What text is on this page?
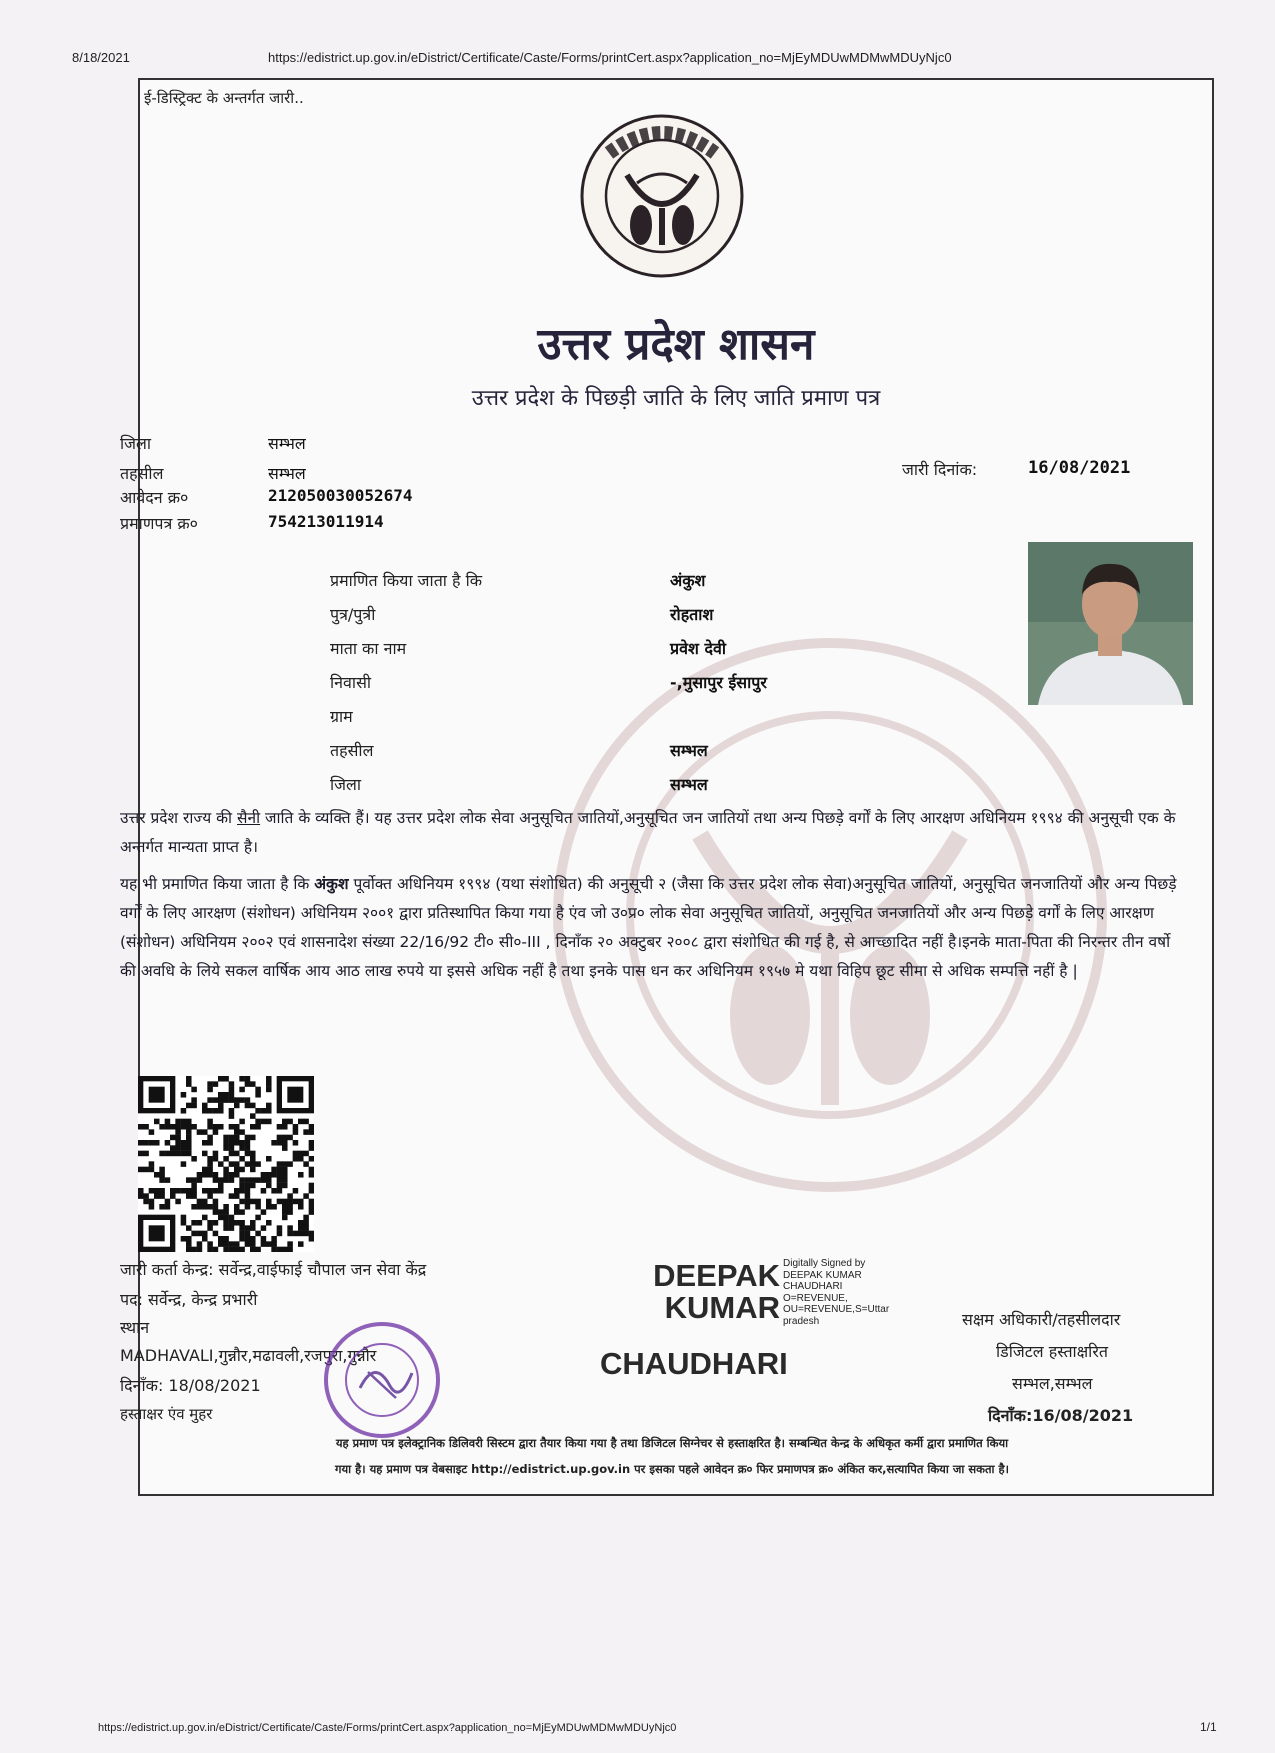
8/18/2021	https://edistrict.up.gov.in/eDistrict/Certificate/Caste/Forms/printCert.aspx?application_no=MjEyMDUwMDMwMDUyNjc0
ई-डिस्ट्रिक्ट के अन्तर्गत जारी..
उत्तर प्रदेश शासन
उत्तर प्रदेश के पिछड़ी जाति के लिए जाति प्रमाण पत्र
जिला	सम्भल
तहसील	सम्भल
आवेदन क्र०	212050030052674
प्रमाणपत्र क्र०	754213011914
जारी दिनांक:	16/08/2021
प्रमाणित किया जाता है कि	अंकुश
पुत्र/पुत्री	रोहताश
माता का नाम	प्रवेश देवी
निवासी	-,मुसापुर ईसापुर
ग्राम
तहसील	सम्भल
जिला	सम्भल
उत्तर प्रदेश राज्य की सैनी जाति के व्यक्ति हैं। यह उत्तर प्रदेश लोक सेवा अनुसूचित जातियों,अनुसूचित जन जातियों तथा अन्य पिछड़े वर्गों के लिए आरक्षण अधिनियम १९९४ की अनुसूची एक के अन्तर्गत मान्यता प्राप्त है।
यह भी प्रमाणित किया जाता है कि अंकुश पूर्वोक्त अधिनियम १९९४ (यथा संशोधित) की अनुसूची २ (जैसा कि उत्तर प्रदेश लोक सेवा)अनुसूचित जातियों, अनुसूचित जनजातियों और अन्य पिछड़े वर्गों के लिए आरक्षण (संशोधन) अधिनियम २००१ द्वारा प्रतिस्थापित किया गया है एंव जो उ०प्र० लोक सेवा अनुसूचित जातियों, अनुसूचित जनजातियों और अन्य पिछड़े वर्गों के लिए आरक्षण (संशोधन) अधिनियम २००२ एवं शासनादेश संख्या 22/16/92 टी० सी०-III , दिनाँक २० अक्टुबर २००८ द्वारा संशोधित की गई है, से आच्छादित नहीं है।इनके माता-पिता की निरन्तर तीन वर्षो की अवधि के लिये सकल वार्षिक आय आठ लाख रुपये या इससे अधिक नहीं है तथा इनके पास धन कर अधिनियम १९५७ मे यथा विहिप छूट सीमा से अधिक सम्पत्ति नहीं है |
जारी कर्ता केन्द्र: सर्वेन्द्र,वाईफाई चौपाल जन सेवा केंद्र
पद: सर्वेन्द्र, केन्द्र प्रभारी
स्थान
MADHAVALI,गुन्नौर,मढावली,रजपुरा,गुन्नौर
दिनाँक: 18/08/2021
हस्ताक्षर एंव मुहर
DEEPAK
KUMAR
CHAUDHARI
Digitally Signed by
DEEPAK KUMAR
CHAUDHARI
O=REVENUE,
OU=REVENUE,S=Uttar
pradesh	सक्षम अधिकारी/तहसीलदार
डिजिटल हस्ताक्षरित
सम्भल,सम्भल
दिनाँक:16/08/2021
यह प्रमाण पत्र इलेक्ट्रानिक डिलिवरी सिस्टम द्वारा तैयार किया गया है तथा डिजिटल सिग्नेचर से हस्ताक्षरित है। सम्बन्धित केन्द्र के अधिकृत कर्मी द्वारा प्रमाणित किया
गया है। यह प्रमाण पत्र वेबसाइट http://edistrict.up.gov.in पर इसका पहले आवेदन क्र० फिर प्रमाणपत्र क्र० अंकित कर,सत्यापित किया जा सकता है।
https://edistrict.up.gov.in/eDistrict/Certificate/Caste/Forms/printCert.aspx?application_no=MjEyMDUwMDMwMDUyNjc0	1/1
